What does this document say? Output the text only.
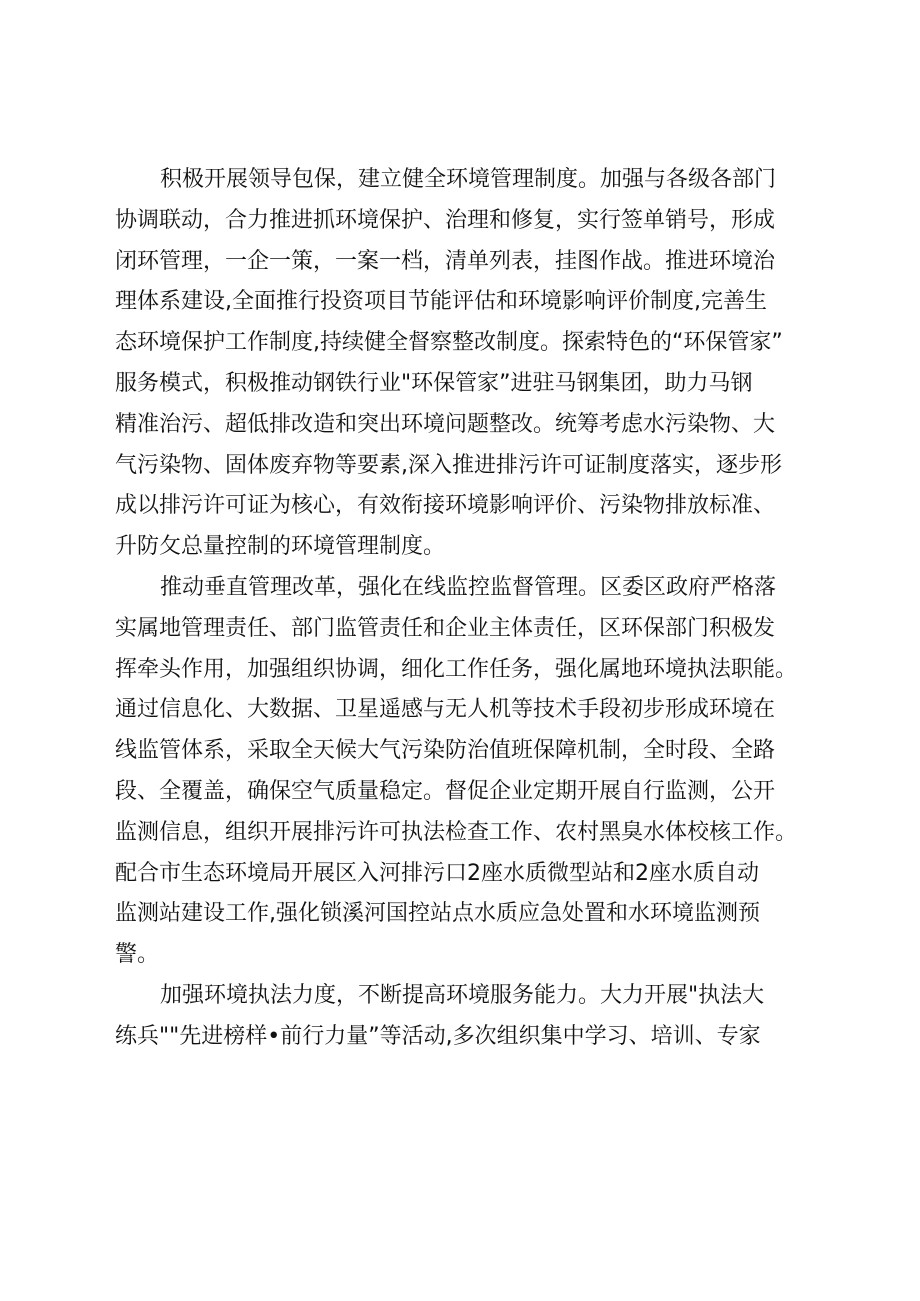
积极开展领导包保，建立健全环境管理制度。加强与各级各部门
协调联动，合力推进抓环境保护、治理和修复，实行签单销号，形成
闭环管理，一企一策，一案一档，清单列表，挂图作战。推进环境治
理体系建设,全面推行投资项目节能评估和环境影响评价制度,完善生
态环境保护工作制度,持续健全督察整改制度。探索特色的“环保管家”
服务模式，积极推动钢铁行业"环保管家”进驻马钢集团，助力马钢
精准治污、超低排改造和突出环境问题整改。统筹考虑水污染物、大
气污染物、固体废弃物等要素,深入推进排污许可证制度落实，逐步形
成以排污许可证为核心，有效衔接环境影响评价、污染物排放标准、
升防攵总量控制的环境管理制度。
推动垂直管理改革，强化在线监控监督管理。区委区政府严格落
实属地管理责任、部门监管责任和企业主体责任，区环保部门积极发
挥牵头作用，加强组织协调，细化工作任务，强化属地环境执法职能。
通过信息化、大数据、卫星遥感与无人机等技术手段初步形成环境在
线监管体系，采取全天候大气污染防治值班保障机制，全时段、全路
段、全覆盖，确保空气质量稳定。督促企业定期开展自行监测，公开
监测信息，组织开展排污许可执法检查工作、农村黑臭水体校核工作。
配合市生态环境局开展区入河排污口2座水质微型站和2座水质自动
监测站建设工作,强化锁溪河国控站点水质应急处置和水环境监测预
警。
加强环境执法力度，不断提高环境服务能力。大力开展"执法大
练兵""先进榜样•前行力量”等活动,多次组织集中学习、培训、专家
